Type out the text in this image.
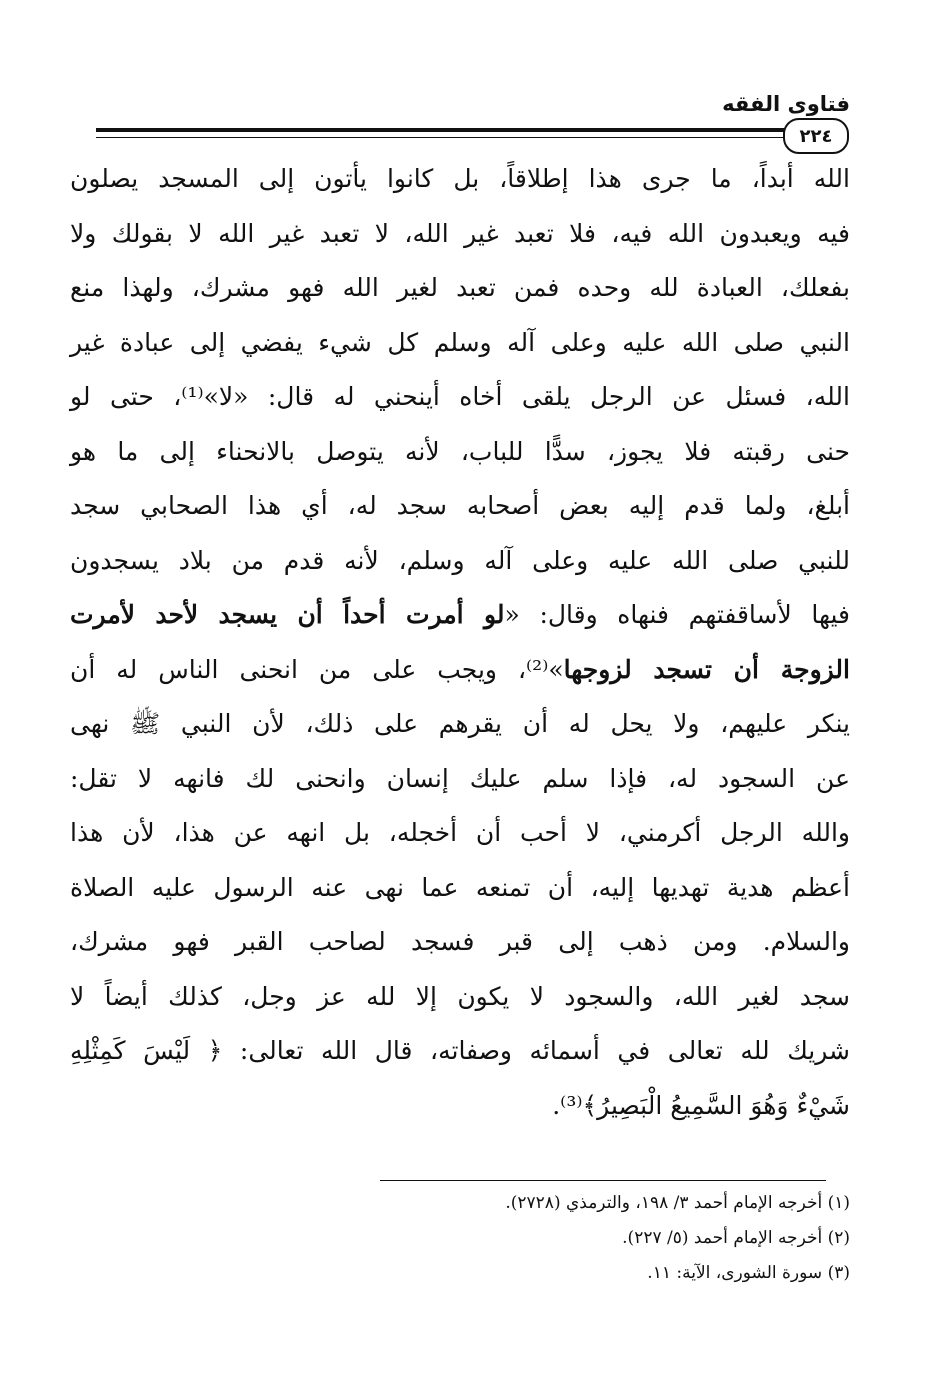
فتاوى الفقه
٢٢٤
الله أبداً، ما جرى هذا إطلاقاً، بل كانوا يأتون إلى المسجد يصلون
فيه ويعبدون الله فيه، فلا تعبد غير الله، لا تعبد غير الله لا بقولك ولا
بفعلك، العبادة لله وحده فمن تعبد لغير الله فهو مشرك، ولهذا منع
النبي صلى الله عليه وعلى آله وسلم كل شيء يفضي إلى عبادة غير
الله، فسئل عن الرجل يلقى أخاه أينحني له قال: «لا»⁽¹⁾، حتى لو
حنى رقبته فلا يجوز، سدًّا للباب، لأنه يتوصل بالانحناء إلى ما هو
أبلغ، ولما قدم إليه بعض أصحابه سجد له، أي هذا الصحابي سجد
للنبي صلى الله عليه وعلى آله وسلم، لأنه قدم من بلاد يسجدون
فيها لأساقفتهم فنهاه وقال: «لو أمرت أحداً أن يسجد لأحد لأمرت
الزوجة أن تسجد لزوجها»⁽²⁾، ويجب على من انحنى الناس له أن
ينكر عليهم، ولا يحل له أن يقرهم على ذلك، لأن النبي ﷺ نهى
عن السجود له، فإذا سلم عليك إنسان وانحنى لك فانهه لا تقل:
والله الرجل أكرمني، لا أحب أن أخجله، بل انهه عن هذا، لأن هذا
أعظم هدية تهديها إليه، أن تمنعه عما نهى عنه الرسول عليه الصلاة
والسلام. ومن ذهب إلى قبر فسجد لصاحب القبر فهو مشرك،
سجد لغير الله، والسجود لا يكون إلا لله عز وجل، كذلك أيضاً لا
شريك لله تعالى في أسمائه وصفاته، قال الله تعالى: ﴿ لَيْسَ كَمِثْلِهِ
شَيْءٌ وَهُوَ السَّمِيعُ الْبَصِيرُ﴾⁽³⁾.
(١) أخرجه الإمام أحمد ٣/ ١٩٨، والترمذي (٢٧٢٨).
(٢) أخرجه الإمام أحمد (٥/ ٢٢٧).
(٣) سورة الشورى، الآية: ١١.
